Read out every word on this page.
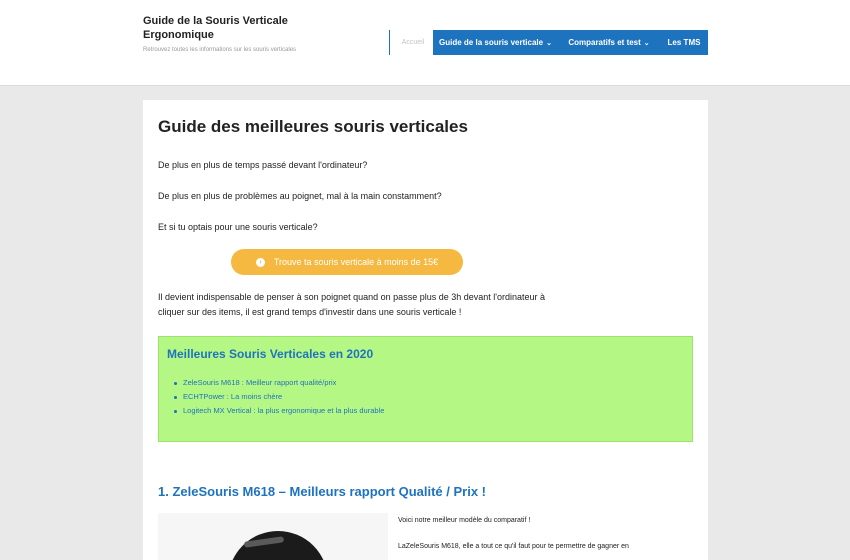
Guide de la Souris Verticale Ergonomique
Retrouvez toutes les informations sur les souris verticales
Accueil	Guide de la souris verticale ⌄ Comparatifs et test ⌄ Les TMS
Guide des meilleures souris verticales
De plus en plus de temps passé devant l'ordinateur?
De plus en plus de problèmes au poignet, mal à la main constamment?
Et si tu optais pour une souris verticale?
› Trouve ta souris verticale à moins de 15€
Il devient indispensable de penser à son poignet quand on passe plus de 3h devant l'ordinateur à cliquer sur des items, il est grand temps d'investir dans une souris verticale !
Meilleures Souris Verticales en 2020
ZeleSouris M618 : Meilleur rapport qualité/prix
ECHTPower : La moins chère
Logitech MX Vertical : la plus ergonomique et la plus durable
1. ZeleSouris M618 – Meilleurs rapport Qualité / Prix !
Voici notre meilleur modèle du comparatif !
LaZeleSouris M618, elle a tout ce qu'il faut pour te permettre de gagner en
